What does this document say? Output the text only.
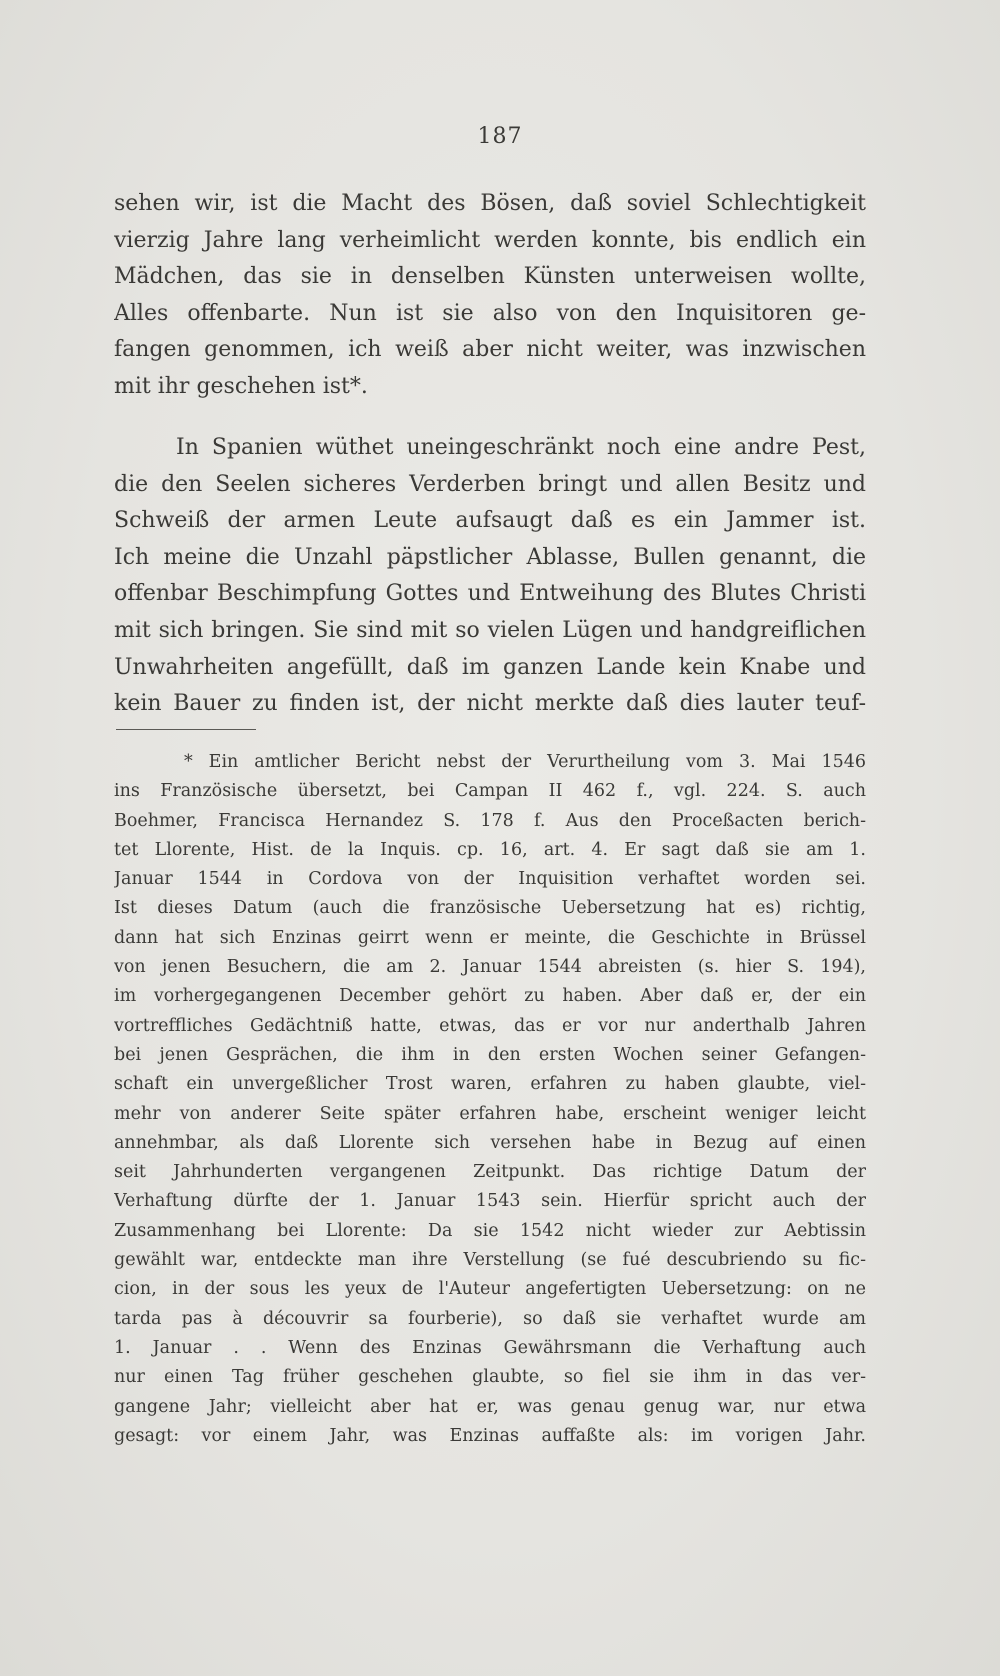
187
sehen wir, ist die Macht des Bösen, daß soviel Schlechtigkeit
vierzig Jahre lang verheimlicht werden konnte, bis endlich ein
Mädchen, das sie in denselben Künsten unterweisen wollte,
Alles offenbarte. Nun ist sie also von den Inquisitoren ge-
fangen genommen, ich weiß aber nicht weiter, was inzwischen
mit ihr geschehen ist*.
In Spanien wüthet uneingeschränkt noch eine andre Pest,
die den Seelen sicheres Verderben bringt und allen Besitz und
Schweiß der armen Leute aufsaugt daß es ein Jammer ist.
Ich meine die Unzahl päpstlicher Ablasse, Bullen genannt, die
offenbar Beschimpfung Gottes und Entweihung des Blutes Christi
mit sich bringen. Sie sind mit so vielen Lügen und handgreiflichen
Unwahrheiten angefüllt, daß im ganzen Lande kein Knabe und
kein Bauer zu finden ist, der nicht merkte daß dies lauter teuf-
* Ein amtlicher Bericht nebst der Verurtheilung vom 3. Mai 1546
ins Französische übersetzt, bei Campan II 462 f., vgl. 224. S. auch
Boehmer, Francisca Hernandez S. 178 f. Aus den Proceßacten berich-
tet Llorente, Hist. de la Inquis. cp. 16, art. 4. Er sagt daß sie am 1.
Januar 1544 in Cordova von der Inquisition verhaftet worden sei.
Ist dieses Datum (auch die französische Uebersetzung hat es) richtig,
dann hat sich Enzinas geirrt wenn er meinte, die Geschichte in Brüssel
von jenen Besuchern, die am 2. Januar 1544 abreisten (s. hier S. 194),
im vorhergegangenen December gehört zu haben. Aber daß er, der ein
vortreffliches Gedächtniß hatte, etwas, das er vor nur anderthalb Jahren
bei jenen Gesprächen, die ihm in den ersten Wochen seiner Gefangen-
schaft ein unvergeßlicher Trost waren, erfahren zu haben glaubte, viel-
mehr von anderer Seite später erfahren habe, erscheint weniger leicht
annehmbar, als daß Llorente sich versehen habe in Bezug auf einen
seit Jahrhunderten vergangenen Zeitpunkt. Das richtige Datum der
Verhaftung dürfte der 1. Januar 1543 sein. Hierfür spricht auch der
Zusammenhang bei Llorente: Da sie 1542 nicht wieder zur Aebtissin
gewählt war, entdeckte man ihre Verstellung (se fué descubriendo su fic-
cion, in der sous les yeux de l'Auteur angefertigten Uebersetzung: on ne
tarda pas à découvrir sa fourberie), so daß sie verhaftet wurde am
1. Januar . . Wenn des Enzinas Gewährsmann die Verhaftung auch
nur einen Tag früher geschehen glaubte, so fiel sie ihm in das ver-
gangene Jahr; vielleicht aber hat er, was genau genug war, nur etwa
gesagt: vor einem Jahr, was Enzinas auffaßte als: im vorigen Jahr.
